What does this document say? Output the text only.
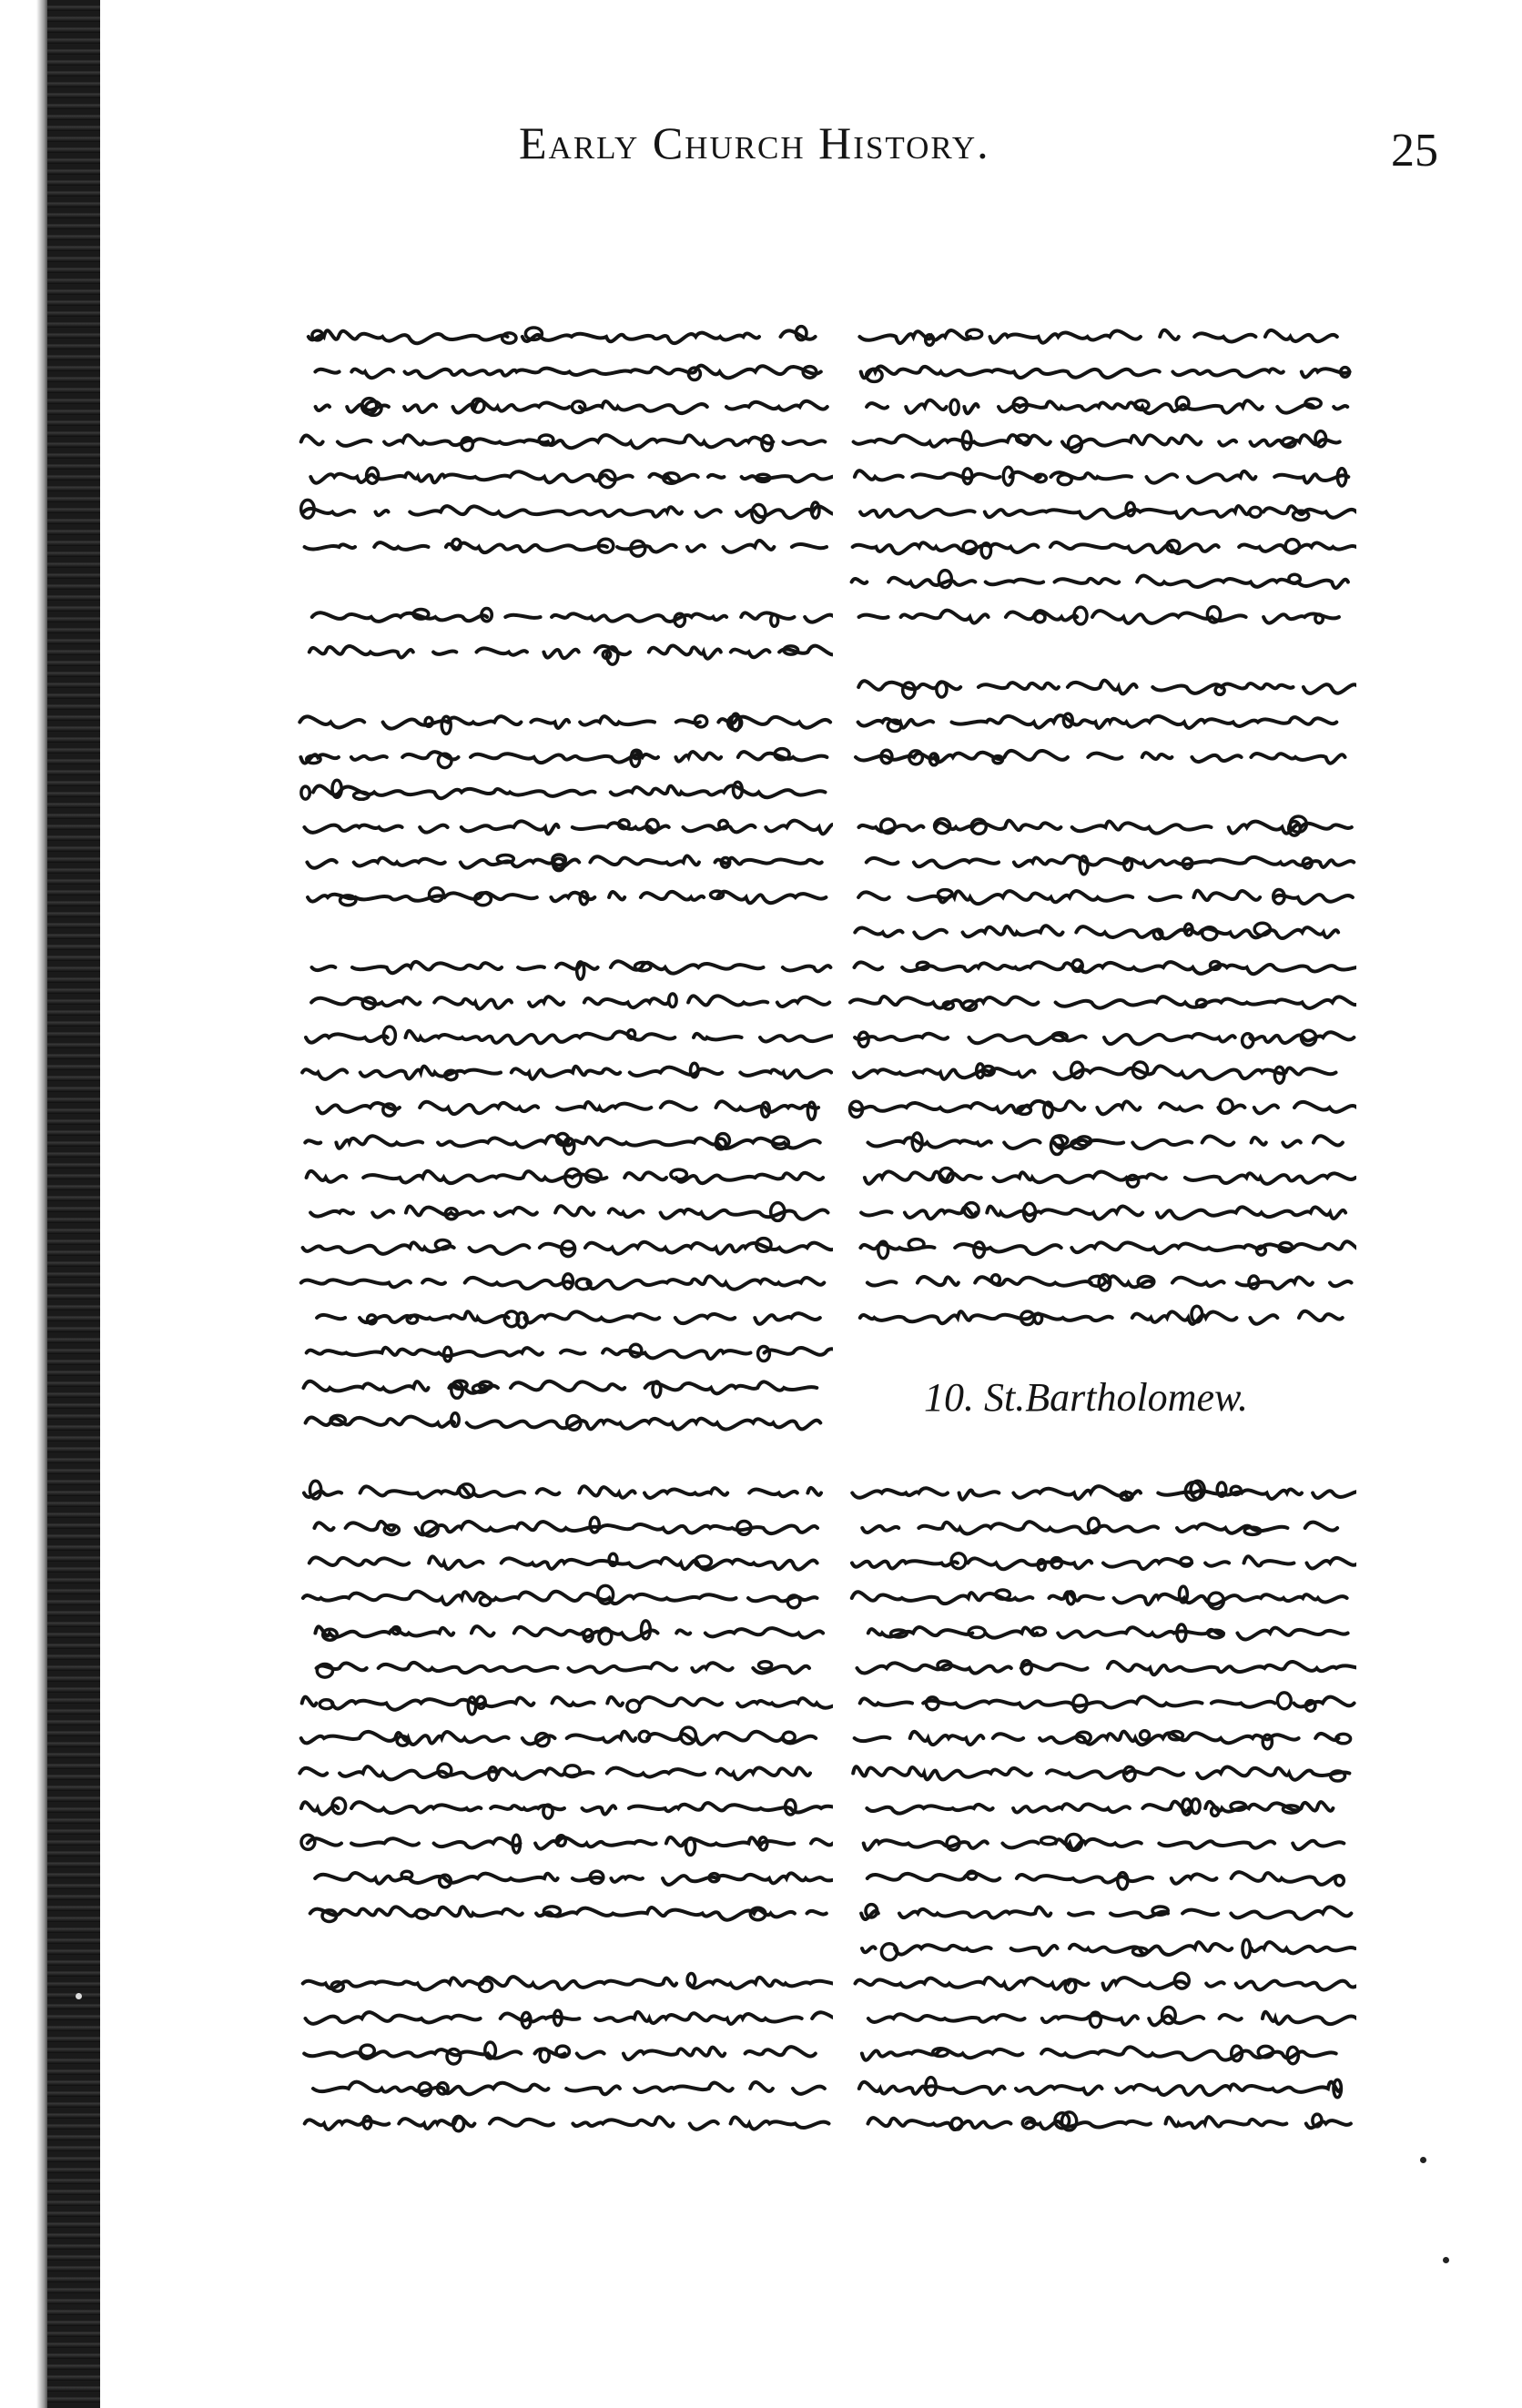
Early Church History.	25
10. St.Bartholomew.
